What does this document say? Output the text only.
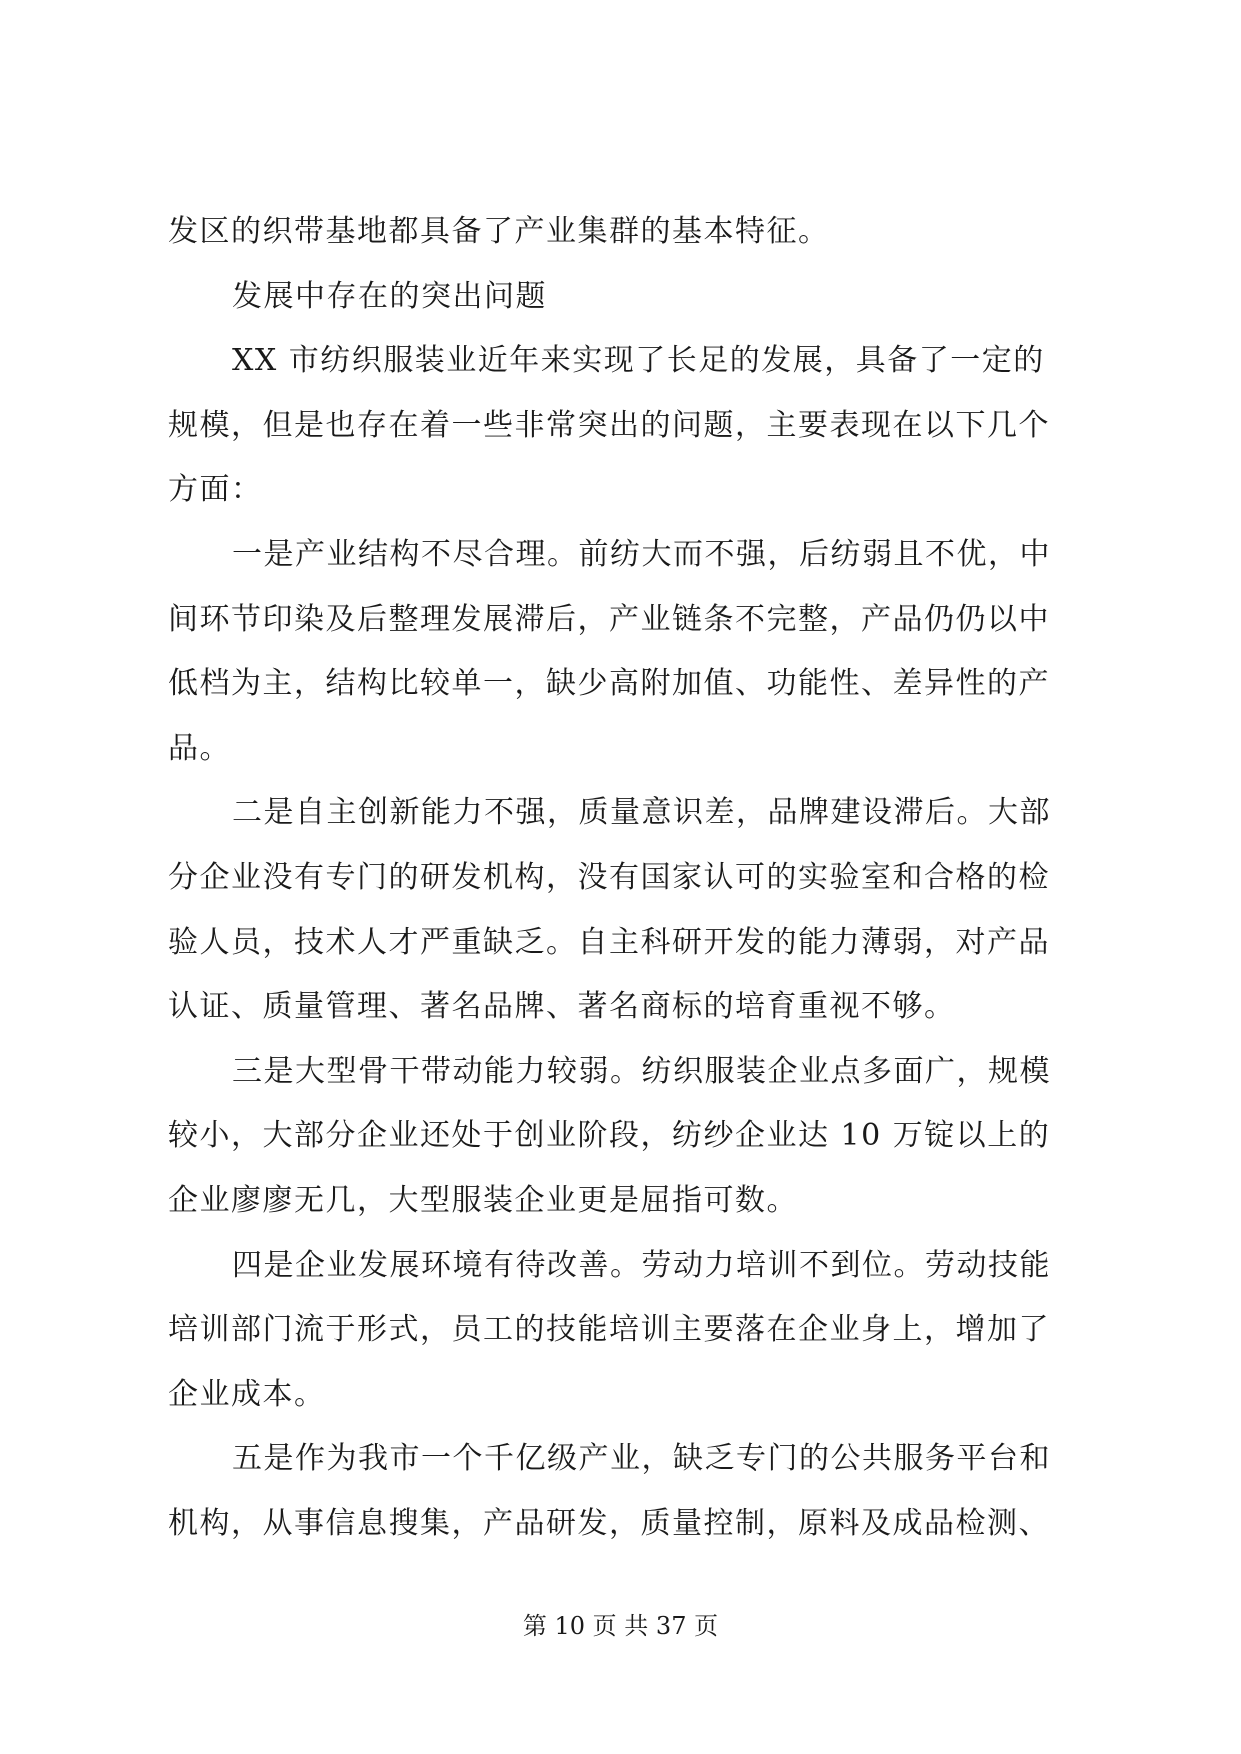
发区的织带基地都具备了产业集群的基本特征。
发展中存在的突出问题
XX 市纺织服装业近年来实现了长足的发展，具备了一定的
规模，但是也存在着一些非常突出的问题，主要表现在以下几个
方面：
一是产业结构不尽合理。前纺大而不强，后纺弱且不优，中
间环节印染及后整理发展滞后，产业链条不完整，产品仍仍以中
低档为主，结构比较单一，缺少高附加值、功能性、差异性的产
品。
二是自主创新能力不强，质量意识差，品牌建设滞后。大部
分企业没有专门的研发机构，没有国家认可的实验室和合格的检
验人员，技术人才严重缺乏。自主科研开发的能力薄弱，对产品
认证、质量管理、著名品牌、著名商标的培育重视不够。
三是大型骨干带动能力较弱。纺织服装企业点多面广，规模
较小，大部分企业还处于创业阶段，纺纱企业达 10 万锭以上的
企业廖廖无几，大型服装企业更是屈指可数。
四是企业发展环境有待改善。劳动力培训不到位。劳动技能
培训部门流于形式，员工的技能培训主要落在企业身上，增加了
企业成本。
五是作为我市一个千亿级产业，缺乏专门的公共服务平台和
机构，从事信息搜集，产品研发，质量控制，原料及成品检测、
第 10 页 共 37 页
